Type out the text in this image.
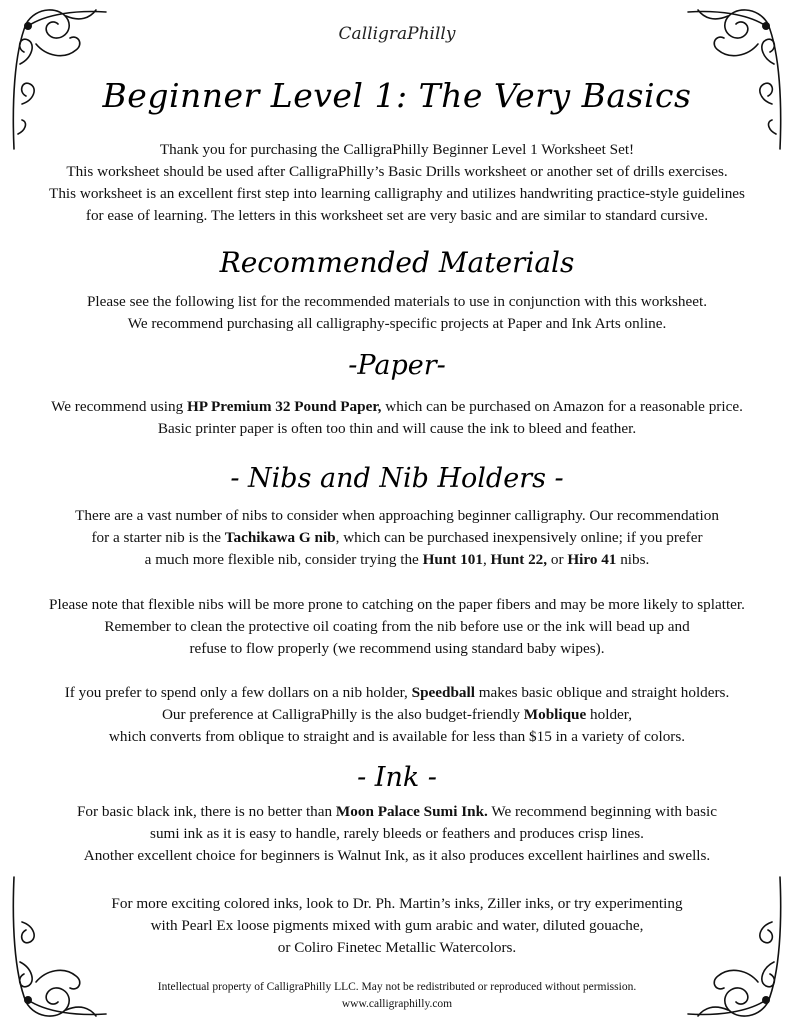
CalligraPhilly
Beginner Level 1: The Very Basics
Thank you for purchasing the CalligraPhilly Beginner Level 1 Worksheet Set!
This worksheet should be used after CalligraPhilly’s Basic Drills worksheet or another set of drills exercises.
This worksheet is an excellent first step into learning calligraphy and utilizes handwriting practice-style guidelines
for ease of learning. The letters in this worksheet set are very basic and are similar to standard cursive.
Recommended Materials
Please see the following list for the recommended materials to use in conjunction with this worksheet.
We recommend purchasing all calligraphy-specific projects at Paper and Ink Arts online.
-Paper-
We recommend using HP Premium 32 Pound Paper, which can be purchased on Amazon for a reasonable price.
Basic printer paper is often too thin and will cause the ink to bleed and feather.
- Nibs and Nib Holders -
There are a vast number of nibs to consider when approaching beginner calligraphy. Our recommendation
for a starter nib is the Tachikawa G nib, which can be purchased inexpensively online; if you prefer
a much more flexible nib, consider trying the Hunt 101, Hunt 22, or Hiro 41 nibs.
Please note that flexible nibs will be more prone to catching on the paper fibers and may be more likely to splatter.
Remember to clean the protective oil coating from the nib before use or the ink will bead up and
refuse to flow properly (we recommend using standard baby wipes).
If you prefer to spend only a few dollars on a nib holder, Speedball makes basic oblique and straight holders.
Our preference at CalligraPhilly is the also budget-friendly Moblique holder,
which converts from oblique to straight and is available for less than $15 in a variety of colors.
- Ink -
For basic black ink, there is no better than Moon Palace Sumi Ink. We recommend beginning with basic
sumi ink as it is easy to handle, rarely bleeds or feathers and produces crisp lines.
Another excellent choice for beginners is Walnut Ink, as it also produces excellent hairlines and swells.
For more exciting colored inks, look to Dr. Ph. Martin’s inks, Ziller inks, or try experimenting
with Pearl Ex loose pigments mixed with gum arabic and water, diluted gouache,
or Coliro Finetec Metallic Watercolors.
Intellectual property of CalligraPhilly LLC. May not be redistributed or reproduced without permission.
www.calligraphilly.com
